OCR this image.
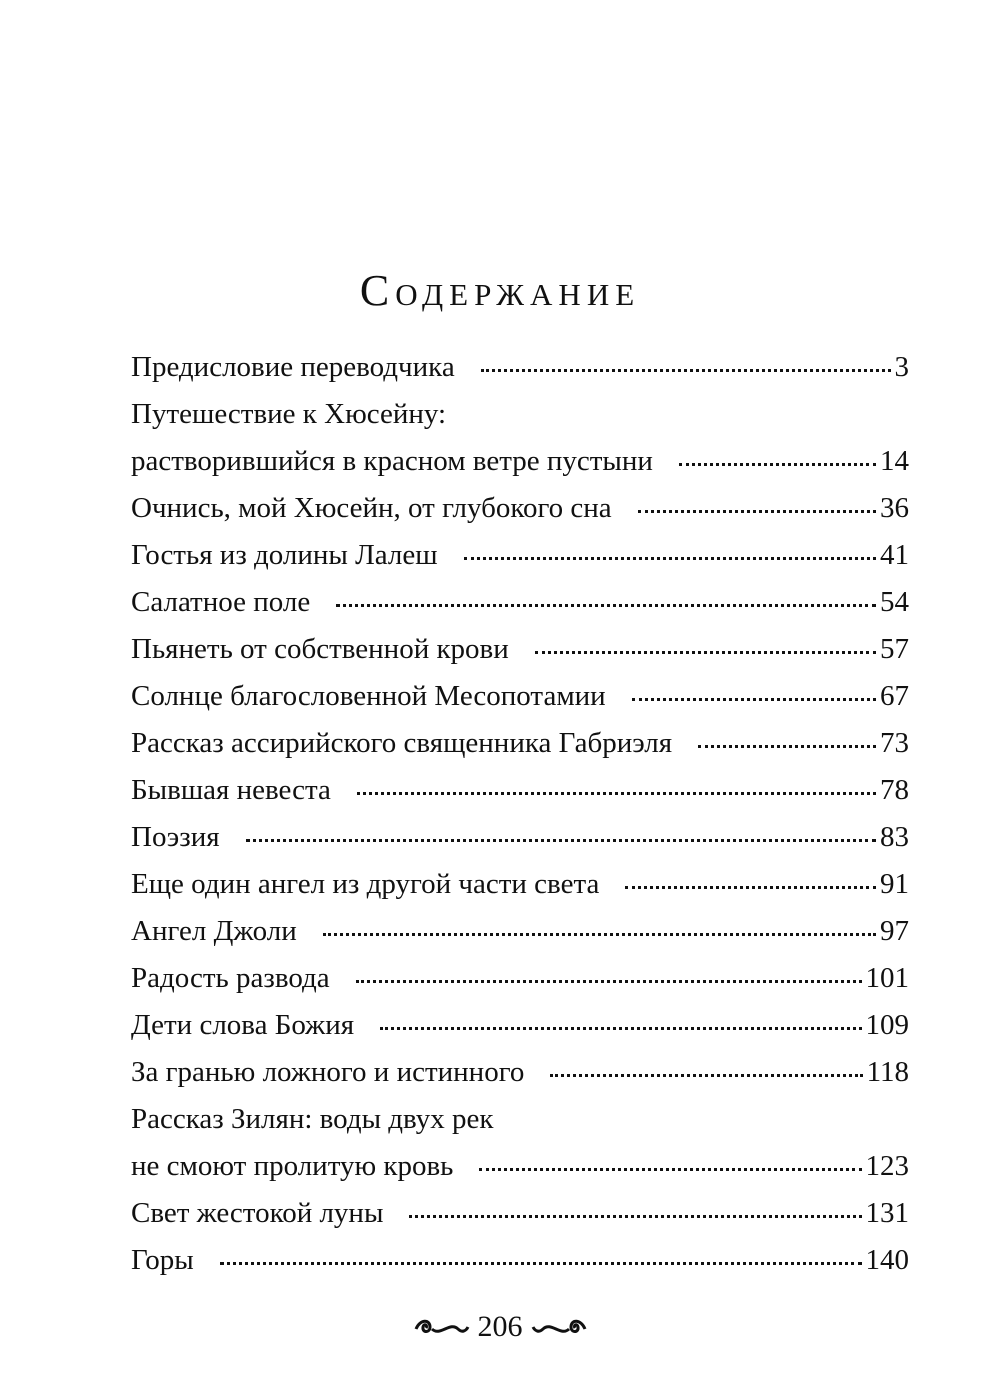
Содержание
Предисловие переводчика	3
Путешествие к Хюсейну:
растворившийся в красном ветре пустыни	14
Очнись, мой Хюсейн, от глубокого сна	36
Гостья из долины Лалеш	41
Салатное поле	54
Пьянеть от собственной крови	57
Солнце благословенной Месопотамии	67
Рассказ ассирийского священника Габриэля	73
Бывшая невеста	78
Поэзия	83
Еще один ангел из другой части света	91
Ангел Джоли	97
Радость развода	101
Дети слова Божия	109
За гранью ложного и истинного	118
Рассказ Зилян: воды двух рек
не смоют пролитую кровь	123
Свет жестокой луны	131
Горы	140
206
